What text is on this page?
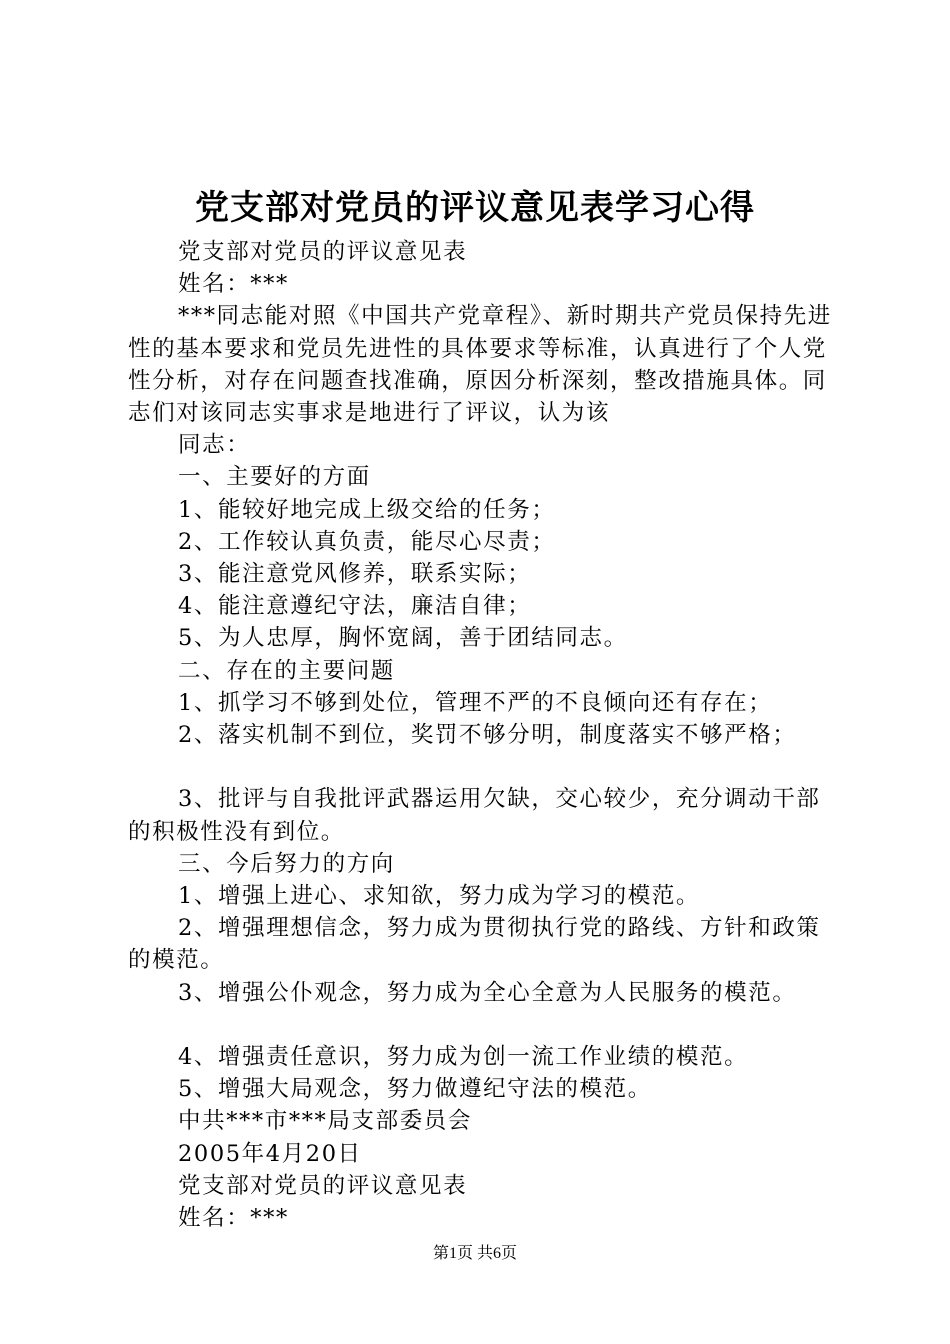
党支部对党员的评议意见表学习心得

党支部对党员的评议意见表

姓名：***

***同志能对照《中国共产党章程》、新时期共产党员保持先进性的基本要求和党员先进性的具体要求等标准，认真进行了个人党性分析，对存在问题查找准确，原因分析深刻，整改措施具体。同志们对该同志实事求是地进行了评议，认为该

同志：

一、主要好的方面

1、能较好地完成上级交给的任务；

2、工作较认真负责，能尽心尽责；

3、能注意党风修养，联系实际；

4、能注意遵纪守法，廉洁自律；

5、为人忠厚，胸怀宽阔，善于团结同志。

二、存在的主要问题

1、抓学习不够到处位，管理不严的不良倾向还有存在；

2、落实机制不到位，奖罚不够分明，制度落实不够严格；

3、批评与自我批评武器运用欠缺，交心较少，充分调动干部的积极性没有到位。

三、今后努力的方向

1、增强上进心、求知欲，努力成为学习的模范。

2、增强理想信念，努力成为贯彻执行党的路线、方针和政策的模范。

3、增强公仆观念，努力成为全心全意为人民服务的模范。

4、增强责任意识，努力成为创一流工作业绩的模范。

5、增强大局观念，努力做遵纪守法的模范。

中共***市***局支部委员会

2005年4月20日

党支部对党员的评议意见表

姓名：***

第1页 共6页
